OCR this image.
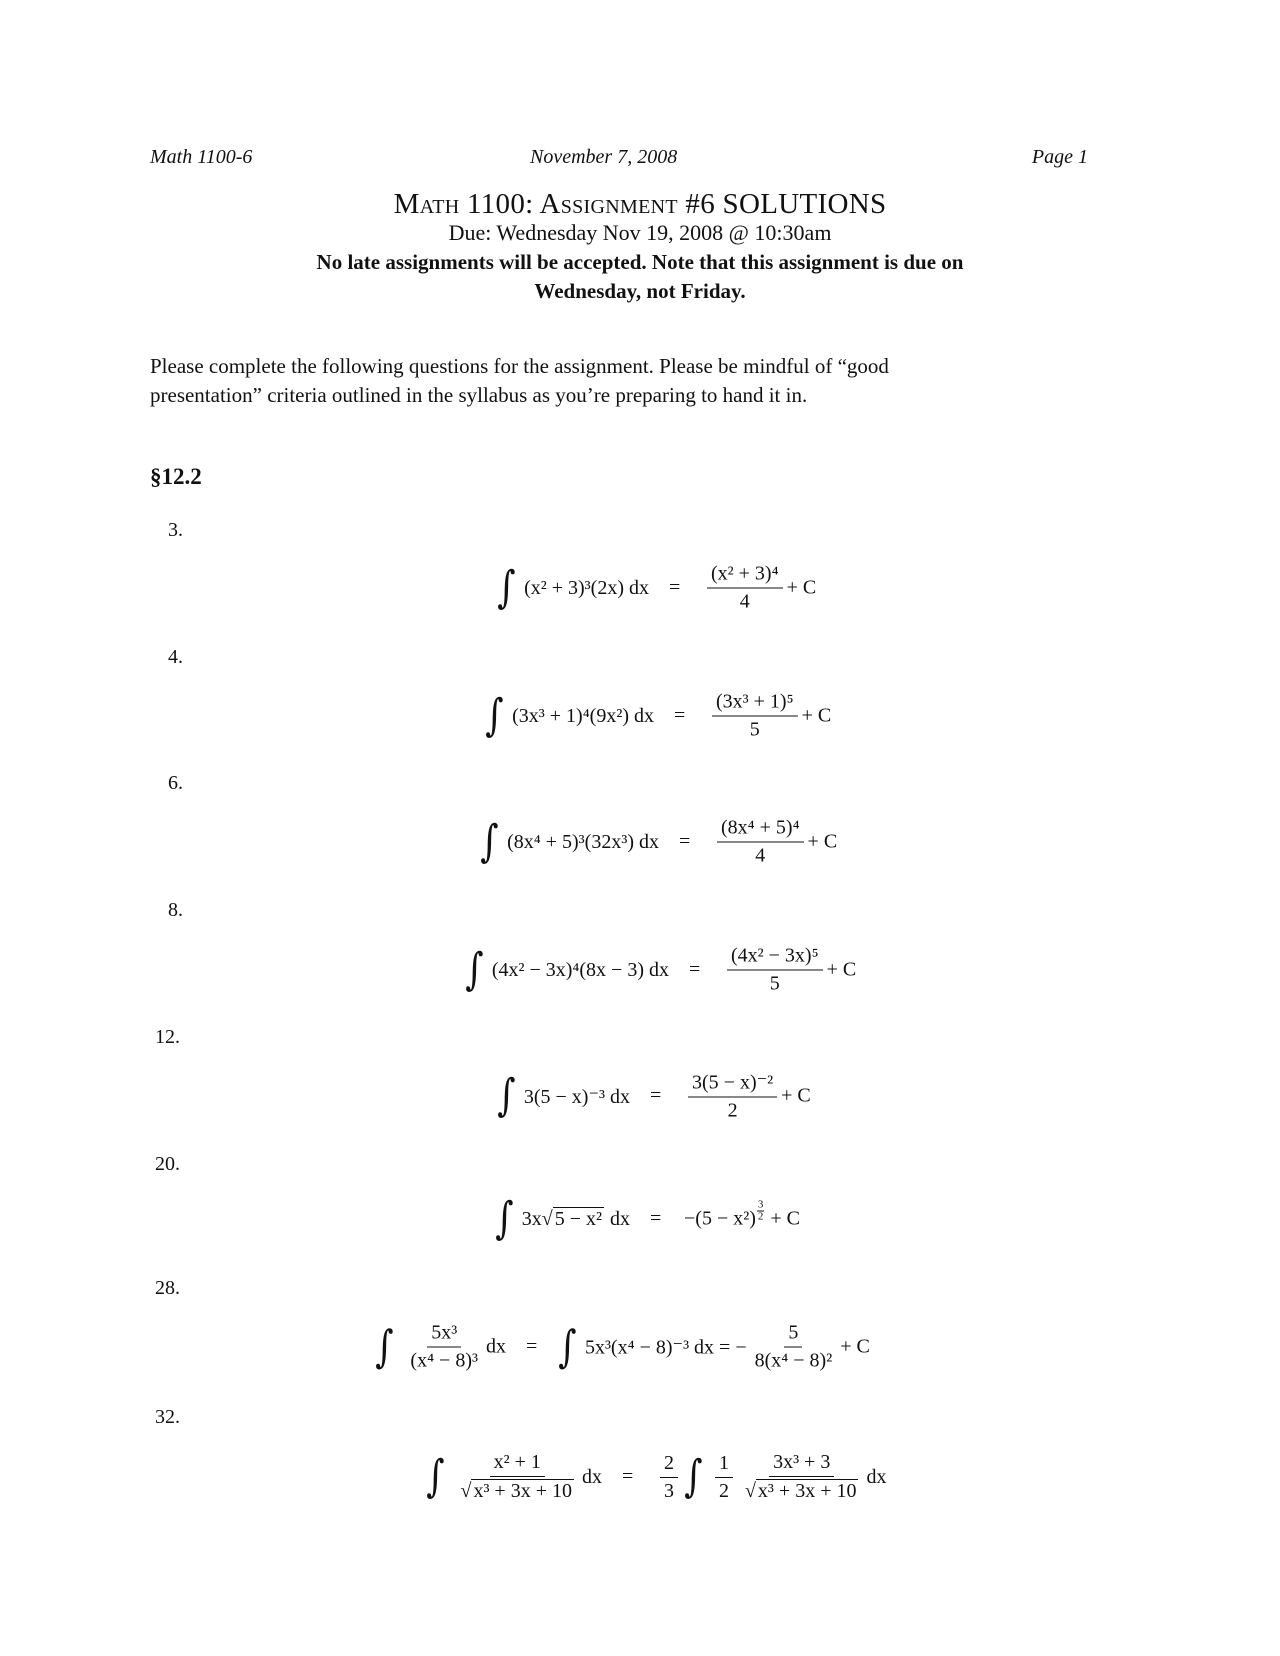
Math 1100-6	November 7, 2008	Page 1
Math 1100: Assignment #6 SOLUTIONS
Due: Wednesday Nov 19, 2008 @ 10:30am
No late assignments will be accepted. Note that this assignment is due on
Wednesday, not Friday.
Please complete the following questions for the assignment. Please be mindful of “good
presentation” criteria outlined in the syllabus as you’re preparing to hand it in.
§12.2
3.
4.
6.
8.
12.
20.
28.
32.
∫ (x² + 3)³(2x) dx = $\frac{\text{(x² + 3)⁴}}{4} + C$
∫ (3x³ + 1)⁴(9x²) dx = $\frac{\text{(3x³ + 1)⁵}}{5} + C$
∫ (8x⁴ + 5)³(32x³) dx = $\frac{\text{(8x⁴ + 5)⁴}}{4} + C$
∫ (4x² − 3x)⁴(8x − 3) dx = $\frac{\text{(4x² − 3x)⁵}}{5} + C$
∫ 3(5 − x)⁻³ dx = $\frac{\text{3(5 − x)⁻²}}{2} + C$
∫ 3x √ 5 − x² dx = $-(5 - x^2) \frac{3}{2} + C$
∫ $\frac{\text{5x³}}{\text{(x⁴ − 8)³}}$ dx = ∫ 5x³(x⁴ − 8)⁻³ dx = − $\frac{5}{\text{8(x⁴ − 8)²}} + C$
∫ $\frac{\text{x² + 1}}{\text{√ x³ + 3x + 10}}$ dx = $\frac{2}{3}$ ∫ $\frac{1}{2} \frac{\text{3x³ + 3}}{\text{√ x³ + 3x + 10}}$ dx
